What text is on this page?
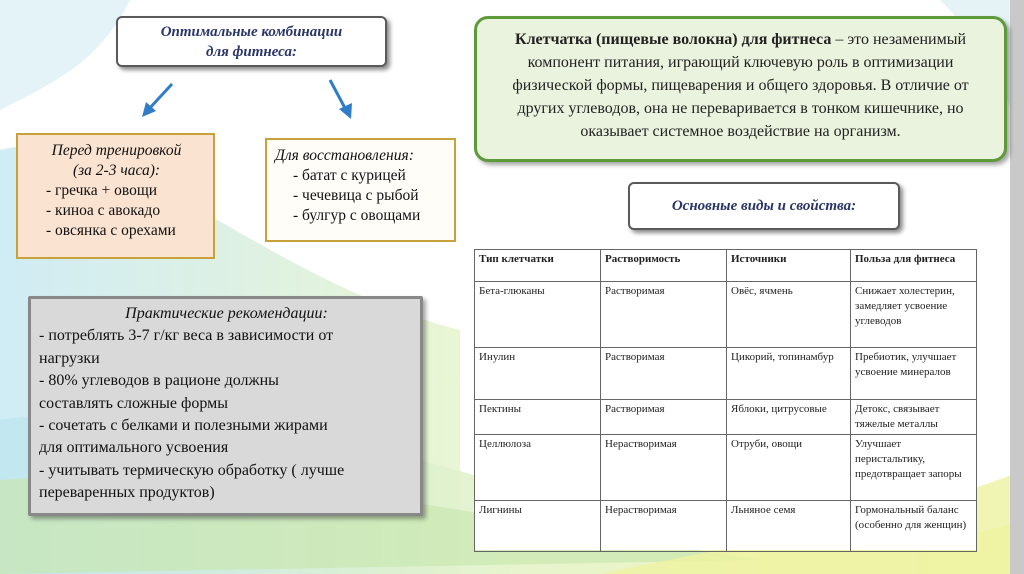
Оптимальные комбинации
для фитнеса:
Перед тренировкой
(за 2-3 часа):
- гречка + овощи
- киноа с авокадо
- овсянка с орехами
Для восстановления:
- батат с курицей
- чечевица с рыбой
- булгур с овощами
Практические рекомендации:
- потреблять 3-7 г/кг веса в зависимости от
нагрузки
- 80% углеводов в рационе должны
составлять сложные формы
- сочетать с белками и полезными жирами
для оптимального усвоения
- учитывать термическую обработку ( лучше
переваренных продуктов)
Клетчатка (пищевые волокна) для фитнеса – это незаменимый компонент питания, играющий ключевую роль в оптимизации физической формы, пищеварения и общего здоровья. В отличие от других углеводов, она не переваривается в тонком кишечнике, но оказывает системное воздействие на организм.
Основные виды и свойства:
Тип клетчатки	Растворимость	Источники	Польза для фитнеса
Бета-глюканы	Растворимая	Овёс, ячмень	Снижает холестерин, замедляет усвоение углеводов
Инулин	Растворимая	Цикорий, топинамбур	Пребиотик, улучшает усвоение минералов
Пектины	Растворимая	Яблоки, цитрусовые	Детокс, связывает тяжелые металлы
Целлюлоза	Нерастворимая	Отруби, овощи	Улучшает перистальтику, предотвращает запоры
Лигнины	Нерастворимая	Льняное семя	Гормональный баланс (особенно для женщин)
